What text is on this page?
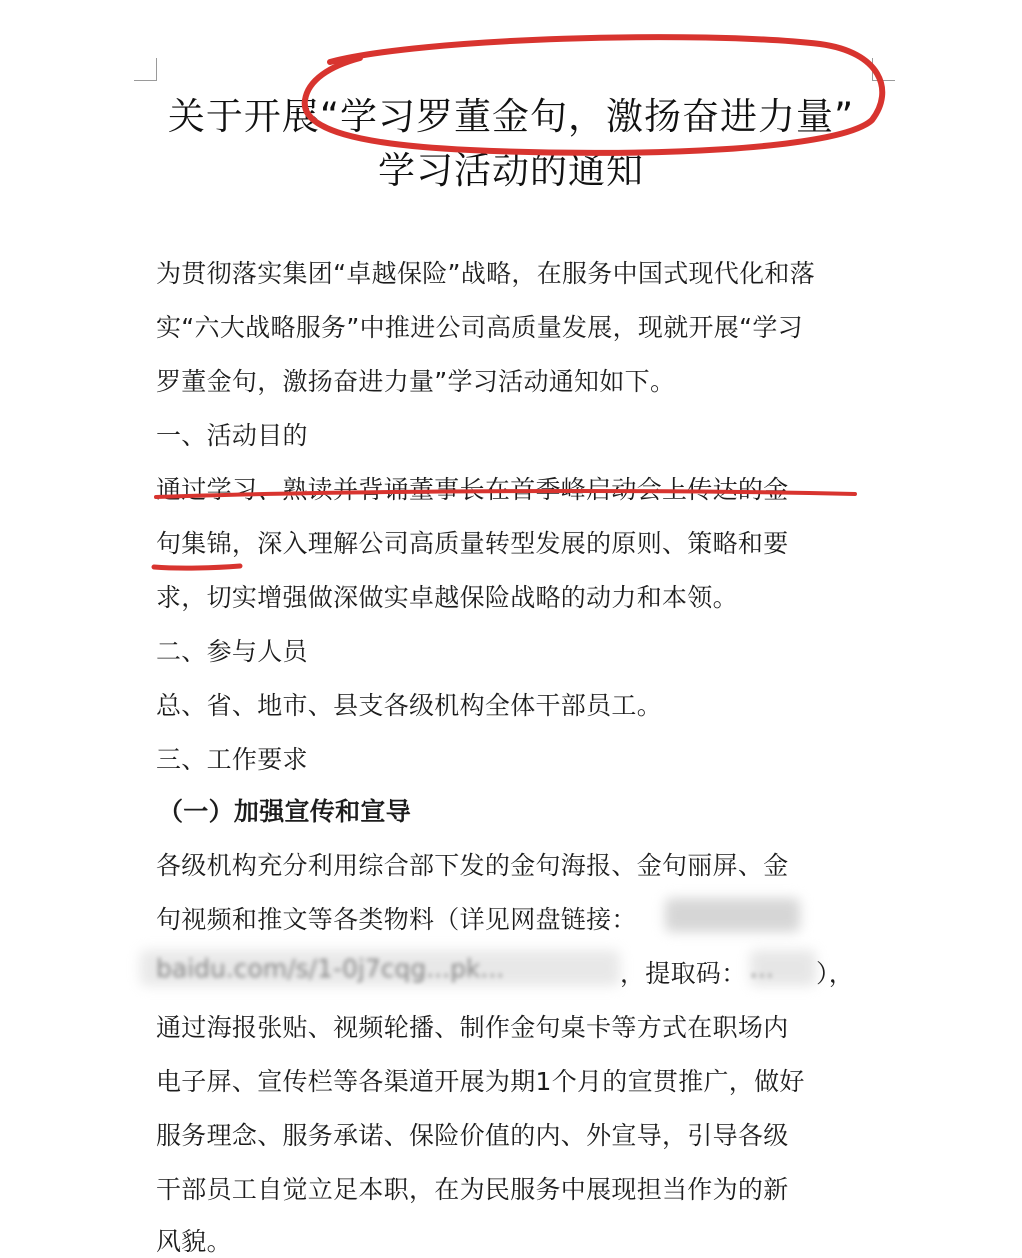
关于开展“学习罗董金句，激扬奋进力量”
学习活动的通知
为贯彻落实集团“卓越保险”战略，在服务中国式现代化和落
实“六大战略服务”中推进公司高质量发展，现就开展“学习
罗董金句，激扬奋进力量”学习活动通知如下。
一、活动目的
通过学习、熟读并背诵董事长在首季峰启动会上传达的金
句集锦，深入理解公司高质量转型发展的原则、策略和要
求，切实增强做深做实卓越保险战略的动力和本领。
二、参与人员
总、省、地市、县支各级机构全体干部员工。
三、工作要求
（一）加强宣传和宣导
各级机构充分利用综合部下发的金句海报、金句丽屏、金
句视频和推文等各类物料（详见网盘链接：
，提取码：	），
通过海报张贴、视频轮播、制作金句桌卡等方式在职场内
电子屏、宣传栏等各渠道开展为期1个月的宣贯推广，做好
服务理念、服务承诺、保险价值的内、外宣导，引导各级
干部员工自觉立足本职，在为民服务中展现担当作为的新
风貌。
